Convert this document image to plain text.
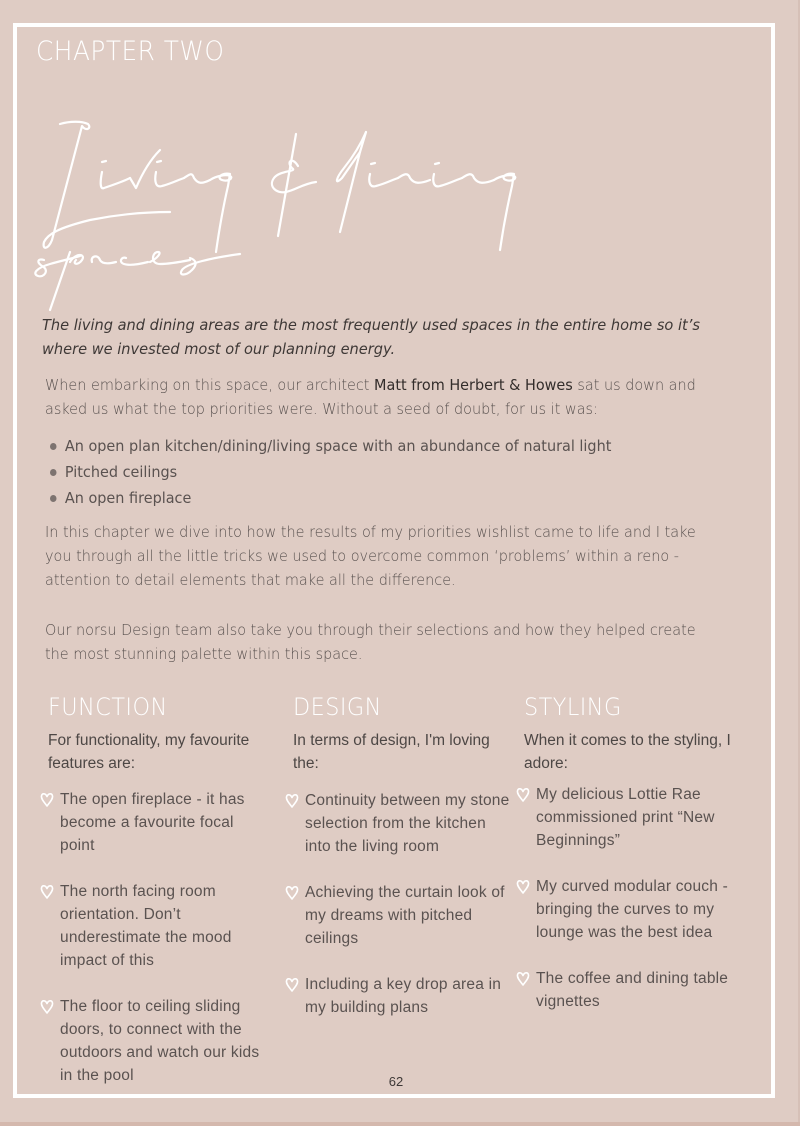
CHAPTER TWO

The living and dining areas are the most frequently used spaces in the entire home so it’s where we invested most of our planning energy.

When embarking on this space, our architect Matt from Herbert & Howes sat us down and asked us what the top priorities were. Without a seed of doubt, for us it was:

An open plan kitchen/dining/living space with an abundance of natural light
Pitched ceilings
An open fireplace

In this chapter we dive into how the results of my priorities wishlist came to life and I take you through all the little tricks we used to overcome common ‘problems’ within a reno - attention to detail elements that make all the difference.

Our norsu Design team also take you through their selections and how they helped create the most stunning palette within this space.

FUNCTION

For functionality, my favourite features are:

The open fireplace - it has become a favourite focal point
The north facing room orientation. Don’t underestimate the mood impact of this
The floor to ceiling sliding doors, to connect with the outdoors and watch our kids in the pool
DESIGN

In terms of design, I'm loving the:

Continuity between my stone selection from the kitchen into the living room
Achieving the curtain look of my dreams with pitched ceilings
Including a key drop area in my building plans
STYLING

When it comes to the styling, I adore:

My delicious Lottie Rae commissioned print “New Beginnings”
My curved modular couch - bringing the curves to my lounge was the best idea
The coffee and dining table vignettes
62
